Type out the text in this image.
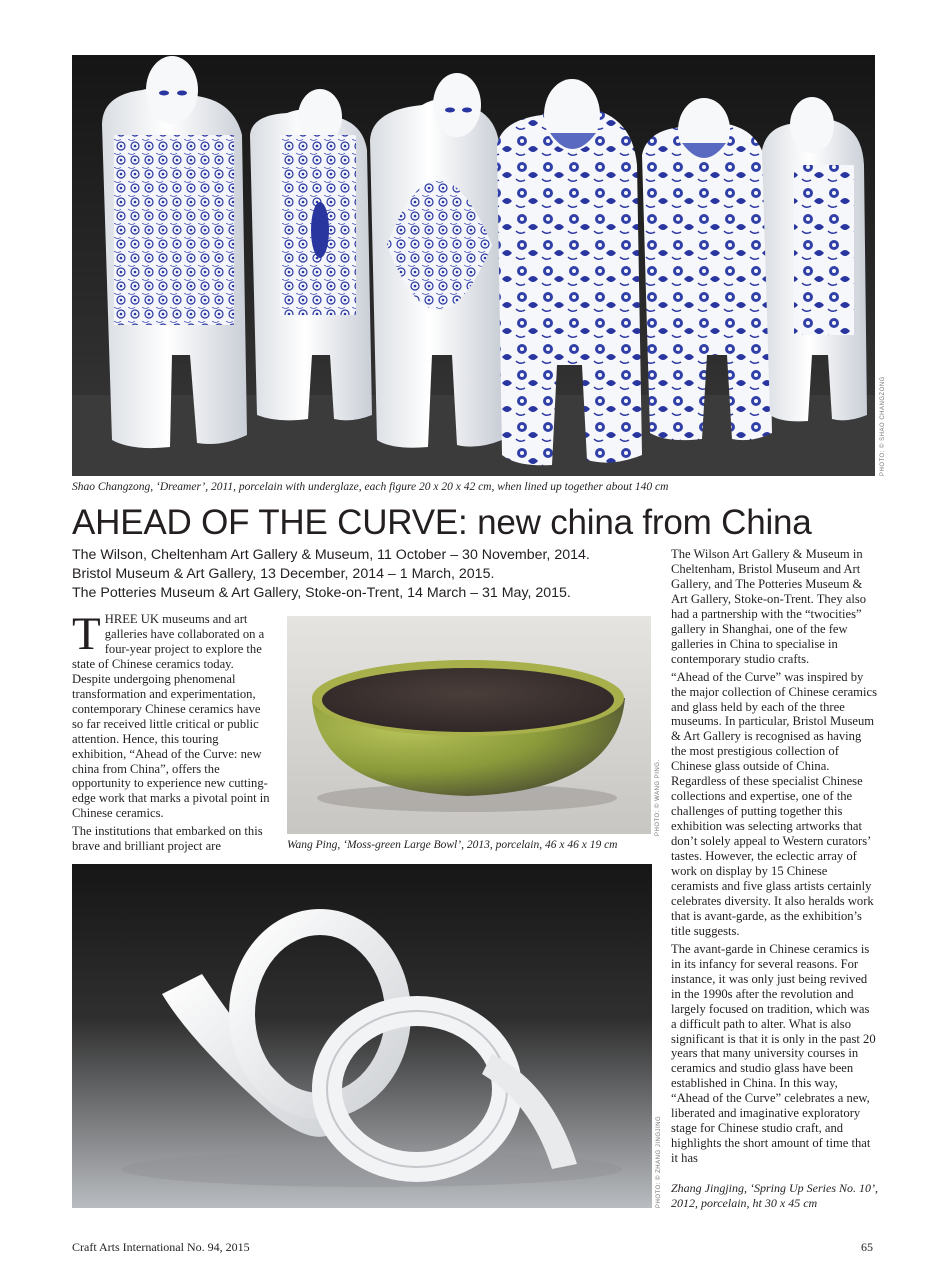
PHOTO: © SHAO CHANGZONG
Shao Changzong, ‘Dreamer’, 2011, porcelain with underglaze, each figure 20 x 20 x 42 cm, when lined up together about 140 cm
AHEAD OF THE CURVE: new china from China
The Wilson, Cheltenham Art Gallery & Museum, 11 October – 30 November, 2014.
Bristol Museum & Art Gallery, 13 December, 2014 – 1 March, 2015.
The Potteries Museum & Art Gallery, Stoke-on-Trent, 14 March – 31 May, 2015.

THREE UK museums and art galleries have collaborated on a four-year project to explore the state of Chinese ceramics today. Despite undergoing phenomenal transformation and experimentation, contemporary Chinese ceramics have so far received little critical or public attention. Hence, this touring exhibition, “Ahead of the Curve: new china from China”, offers the opportunity to experience new cutting-edge work that marks a pivotal point in Chinese ceramics.

The institutions that embarked on this brave and brilliant project are

PHOTO: © WANG PING.
Wang Ping, ‘Moss-green Large Bowl’, 2013, porcelain, 46 x 46 x 19 cm

The Wilson Art Gallery & Museum in Cheltenham, Bristol Museum and Art Gallery, and The Potteries Museum & Art Gallery, Stoke-on-Trent. They also had a partnership with the “twocities” gallery in Shanghai, one of the few galleries in China to specialise in contemporary studio crafts.

“Ahead of the Curve” was inspired by the major collection of Chinese ceramics and glass held by each of the three museums. In particular, Bristol Museum & Art Gallery is recognised as having the most prestigious collection of Chinese glass outside of China. Regardless of these specialist Chinese collections and expertise, one of the challenges of putting together this exhibition was selecting artworks that don’t solely appeal to Western curators’ tastes. However, the eclectic array of work on display by 15 Chinese ceramists and five glass artists certainly celebrates diversity. It also heralds work that is avant-garde, as the exhibition’s title suggests.

The avant-garde in Chinese ceramics is in its infancy for several reasons. For instance, it was only just being revived in the 1990s after the revolution and largely focused on tradition, which was a difficult path to alter. What is also significant is that it is only in the past 20 years that many university courses in ceramics and studio glass have been established in China. In this way, “Ahead of the Curve” celebrates a new, liberated and imaginative exploratory stage for Chinese studio craft, and highlights the short amount of time that it has

PHOTO: © ZHANG JINGJING Zhang Jingjing, ‘Spring Up Series No. 10’, 2012, porcelain, ht 30 x 45 cm
Craft Arts International No. 94, 2015	65
